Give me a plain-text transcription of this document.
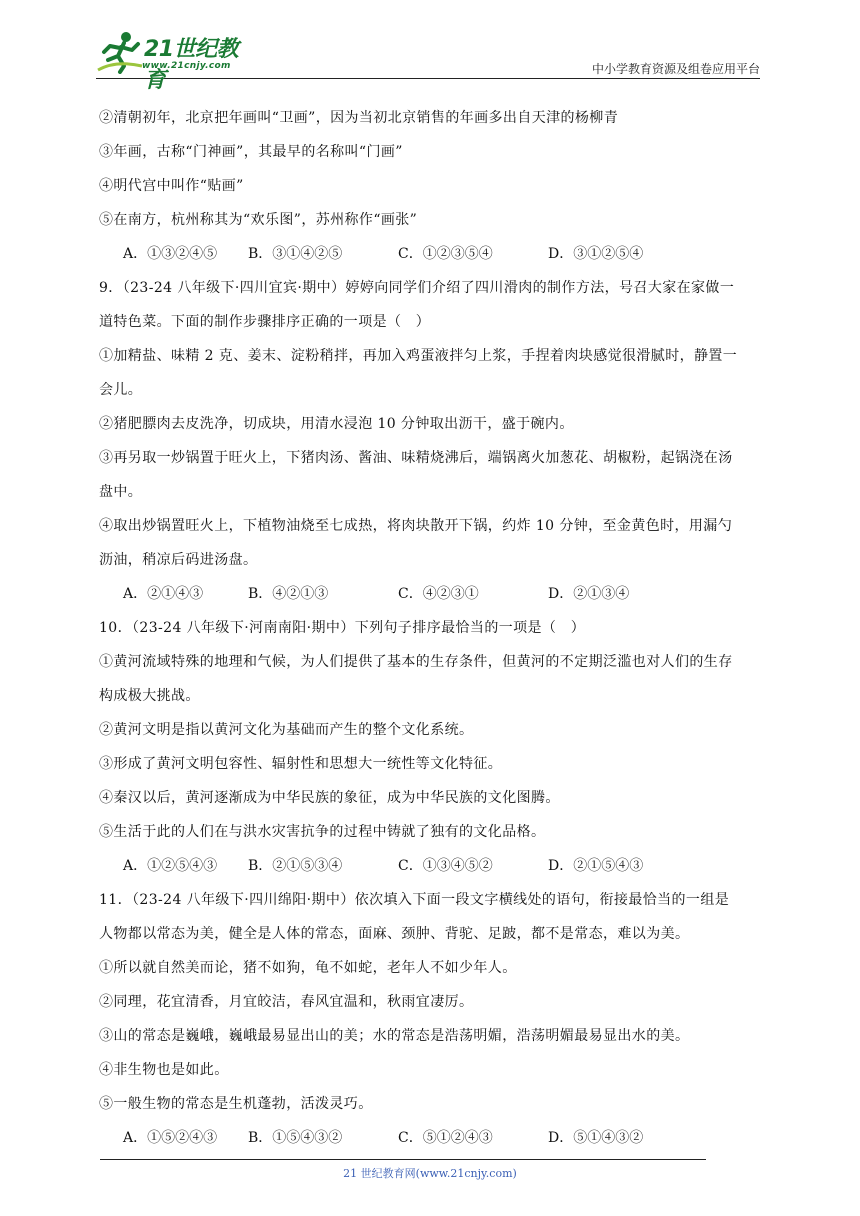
21世纪教育
www.21cnjy.com	中小学教育资源及组卷应用平台
②清朝初年，北京把年画叫“卫画”，因为当初北京销售的年画多出自天津的杨柳青
③年画，古称“门神画”，其最早的名称叫“门画”
④明代宫中叫作“贴画”
⑤在南方，杭州称其为“欢乐图”，苏州称作“画张”
A．①③②④⑤	B．③①④②⑤	C．①②③⑤④	D．③①②⑤④
9．（23-24 八年级下·四川宜宾·期中）婷婷向同学们介绍了四川滑肉的制作方法，号召大家在家做一
道特色菜。下面的制作步骤排序正确的一项是（　）
①加精盐、味精 2 克、姜末、淀粉稍拌，再加入鸡蛋液拌匀上浆，手捏着肉块感觉很滑腻时，静置一
会儿。
②猪肥膘肉去皮洗净，切成块，用清水浸泡 10 分钟取出沥干，盛于碗内。
③再另取一炒锅置于旺火上，下猪肉汤、酱油、味精烧沸后，端锅离火加葱花、胡椒粉，起锅浇在汤
盘中。
④取出炒锅置旺火上，下植物油烧至七成热，将肉块散开下锅，约炸 10 分钟，至金黄色时，用漏勺
沥油，稍凉后码进汤盘。
A．②①④③	B．④②①③	C．④②③①	D．②①③④
10．（23-24 八年级下·河南南阳·期中）下列句子排序最恰当的一项是（　）
①黄河流域特殊的地理和气候，为人们提供了基本的生存条件，但黄河的不定期泛滥也对人们的生存
构成极大挑战。
②黄河文明是指以黄河文化为基础而产生的整个文化系统。
③形成了黄河文明包容性、辐射性和思想大一统性等文化特征。
④秦汉以后，黄河逐渐成为中华民族的象征，成为中华民族的文化图腾。
⑤生活于此的人们在与洪水灾害抗争的过程中铸就了独有的文化品格。
A．①②⑤④③	B．②①⑤③④	C．①③④⑤②	D．②①⑤④③
11．（23-24 八年级下·四川绵阳·期中）依次填入下面一段文字横线处的语句，衔接最恰当的一组是
人物都以常态为美，健全是人体的常态，面麻、颈肿、背驼、足跛，都不是常态，难以为美。
①所以就自然美而论，猪不如狗，龟不如蛇，老年人不如少年人。
②同理，花宜清香，月宜皎洁，春风宜温和，秋雨宜凄厉。
③山的常态是巍峨，巍峨最易显出山的美；水的常态是浩荡明媚，浩荡明媚最易显出水的美。
④非生物也是如此。
⑤一般生物的常态是生机蓬勃，活泼灵巧。
A．①⑤②④③	B．①⑤④③②	C．⑤①②④③	D．⑤①④③②
21 世纪教育网(www.21cnjy.com)
